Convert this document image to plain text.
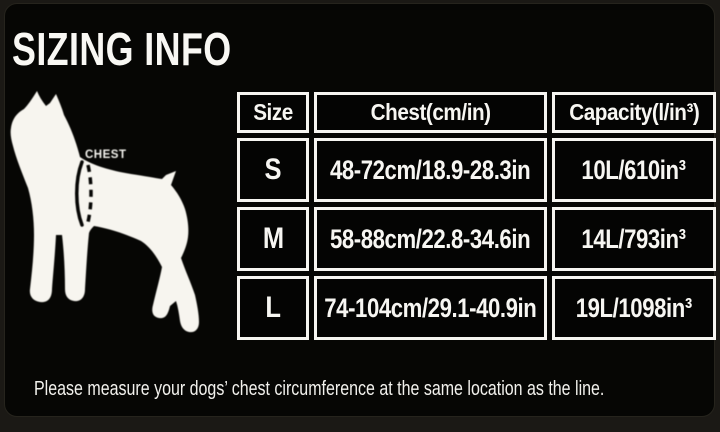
SIZING INFO
CHEST
Size	Chest(cm/in)	Capacity(l/in³)
S 48-72cm/18.9-28.3in 10L/610in³
M 58-88cm/22.8-34.6in 14L/793in³
L 74-104cm/29.1-40.9in 19L/1098in³
Please measure your dogs’ chest circumference at the same location as the line.
